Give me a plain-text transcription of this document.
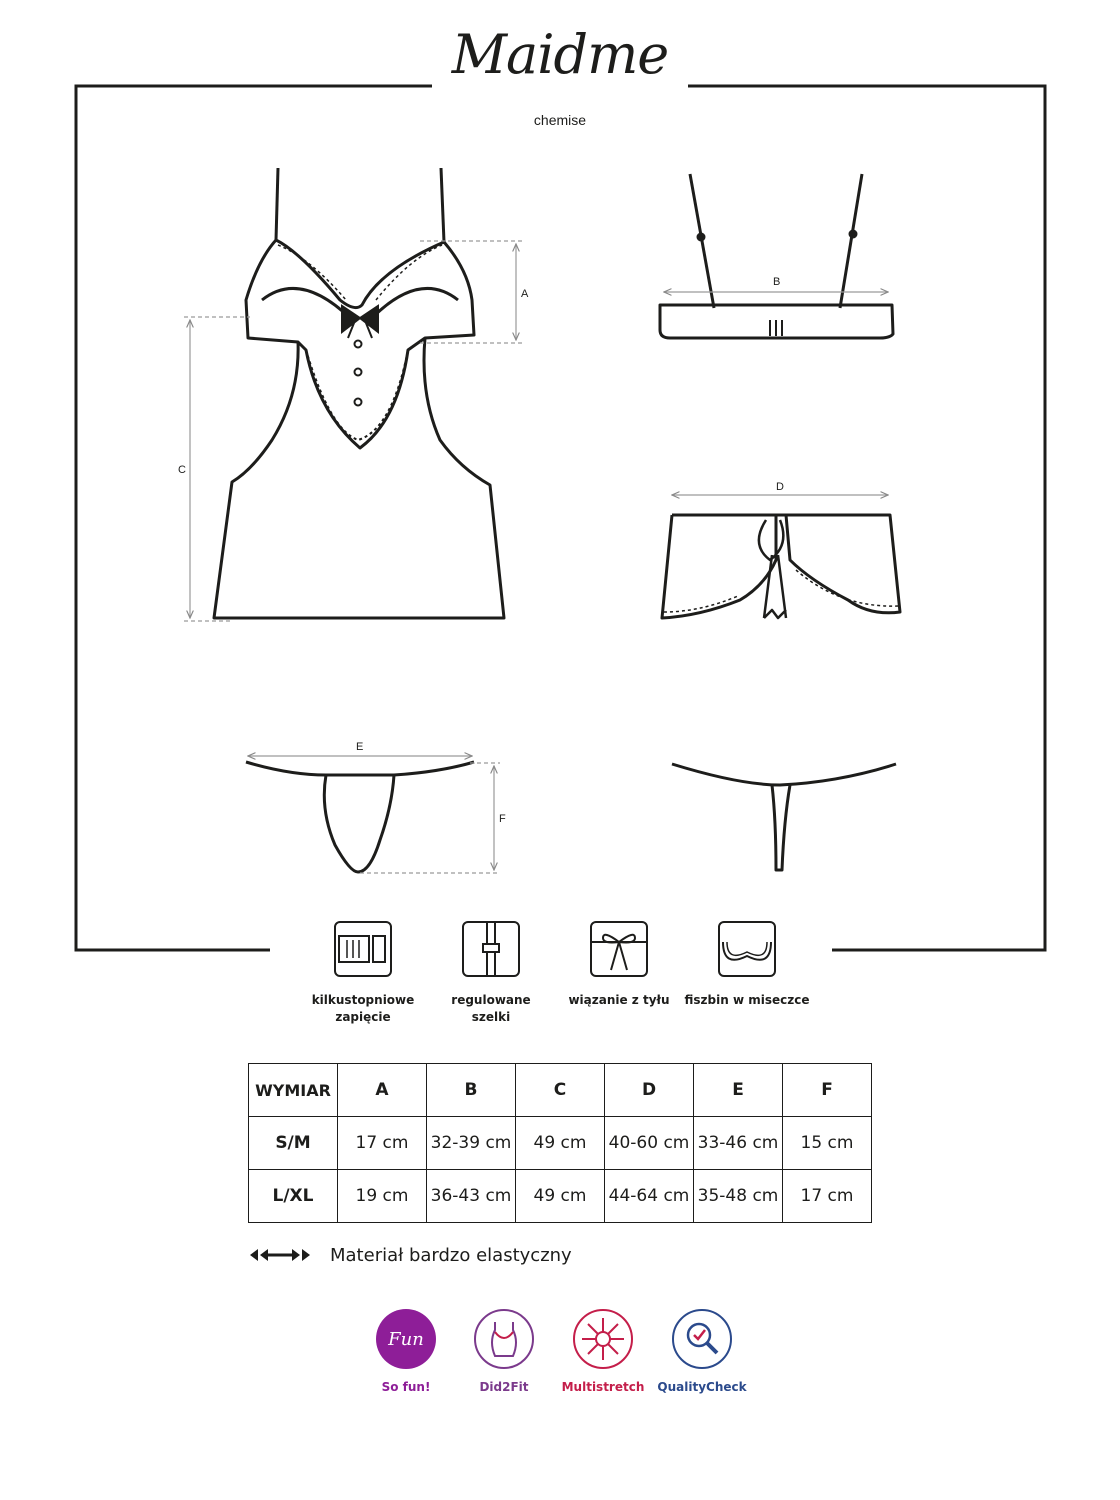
A
C
B
D
E
F
Maidme
chemise
kilkustopniowe
zapięcie
regulowane
szelki
wiązanie z tyłu	fiszbin w miseczce
WYMIAR	A	B	C	D	E	F
S/M	17 cm	32-39 cm	49 cm	40-60 cm	33-46 cm	15 cm
L/XL	19 cm	36-43 cm	49 cm	44-64 cm	35-48 cm	17 cm
Materiał bardzo elastyczny
Fun
So fun!	Did2Fit	Multistretch	QualityCheck
